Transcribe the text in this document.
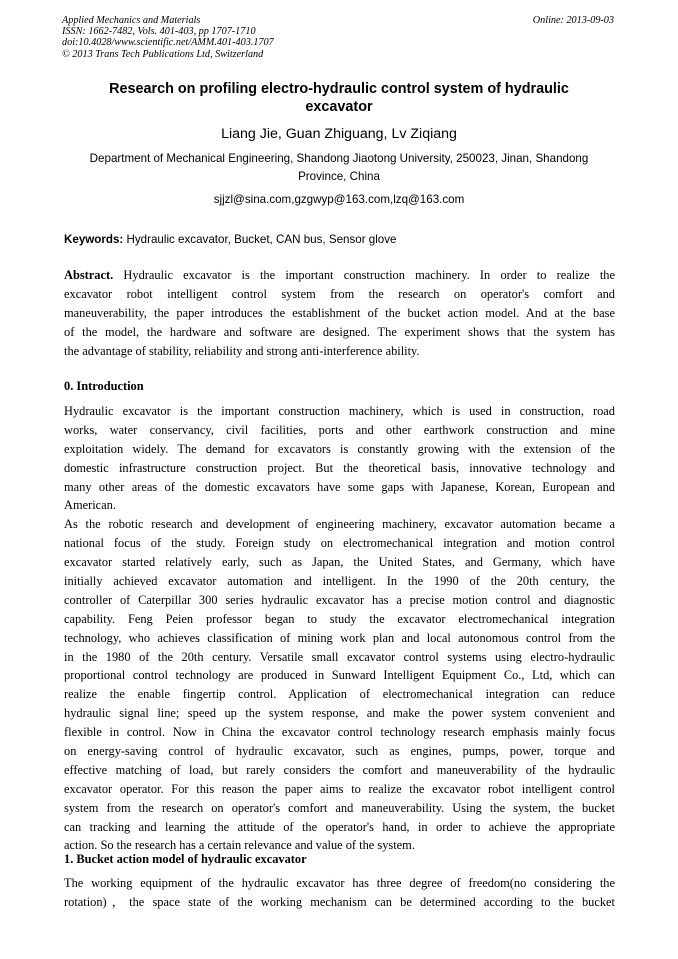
Applied Mechanics and Materials
ISSN: 1662-7482, Vols. 401-403, pp 1707-1710
doi:10.4028/www.scientific.net/AMM.401-403.1707
© 2013 Trans Tech Publications Ltd, Switzerland
Online: 2013-09-03
Research on profiling electro-hydraulic control system of hydraulic
excavator
Liang Jie, Guan Zhiguang, Lv Ziqiang
Department of Mechanical Engineering, Shandong Jiaotong University, 250023, Jinan, Shandong
Province, China
sjjzl@sina.com,gzgwyp@163.com,lzq@163.com
Keywords: Hydraulic excavator, Bucket, CAN bus, Sensor glove
Abstract. Hydraulic excavator is the important construction machinery. In order to realize the
excavator robot intelligent control system from the research on operator's comfort and
maneuverability, the paper introduces the establishment of the bucket action model. And at the base
of the model, the hardware and software are designed. The experiment shows that the system has
the advantage of stability, reliability and strong anti-interference ability.
0. Introduction
Hydraulic excavator is the important construction machinery, which is used in construction, road
works, water conservancy, civil facilities, ports and other earthwork construction and mine
exploitation widely. The demand for excavators is constantly growing with the extension of the
domestic infrastructure construction project. But the theoretical basis, innovative technology and
many other areas of the domestic excavators have some gaps with Japanese, Korean, European and
American.
As the robotic research and development of engineering machinery, excavator automation became a
national focus of the study. Foreign study on electromechanical integration and motion control
excavator started relatively early, such as Japan, the United States, and Germany, which have
initially achieved excavator automation and intelligent. In the 1990 of the 20th century, the
controller of Caterpillar 300 series hydraulic excavator has a precise motion control and diagnostic
capability. Feng Peien professor began to study the excavator electromechanical integration
technology, who achieves classification of mining work plan and local autonomous control from the
in the 1980 of the 20th century. Versatile small excavator control systems using electro-hydraulic
proportional control technology are produced in Sunward Intelligent Equipment Co., Ltd, which can
realize the enable fingertip control. Application of electromechanical integration can reduce
hydraulic signal line; speed up the system response, and make the power system convenient and
flexible in control. Now in China the excavator control technology research emphasis mainly focus
on energy-saving control of hydraulic excavator, such as engines, pumps, power, torque and
effective matching of load, but rarely considers the comfort and maneuverability of the hydraulic
excavator operator. For this reason the paper aims to realize the excavator robot intelligent control
system from the research on operator's comfort and maneuverability. Using the system, the bucket
can tracking and learning the attitude of the operator's hand, in order to achieve the appropriate
action. So the research has a certain relevance and value of the system.
1. Bucket action model of hydraulic excavator
The working equipment of the hydraulic excavator has three degree of freedom(no considering the
rotation)，the space state of the working mechanism can be determined according to the bucket
